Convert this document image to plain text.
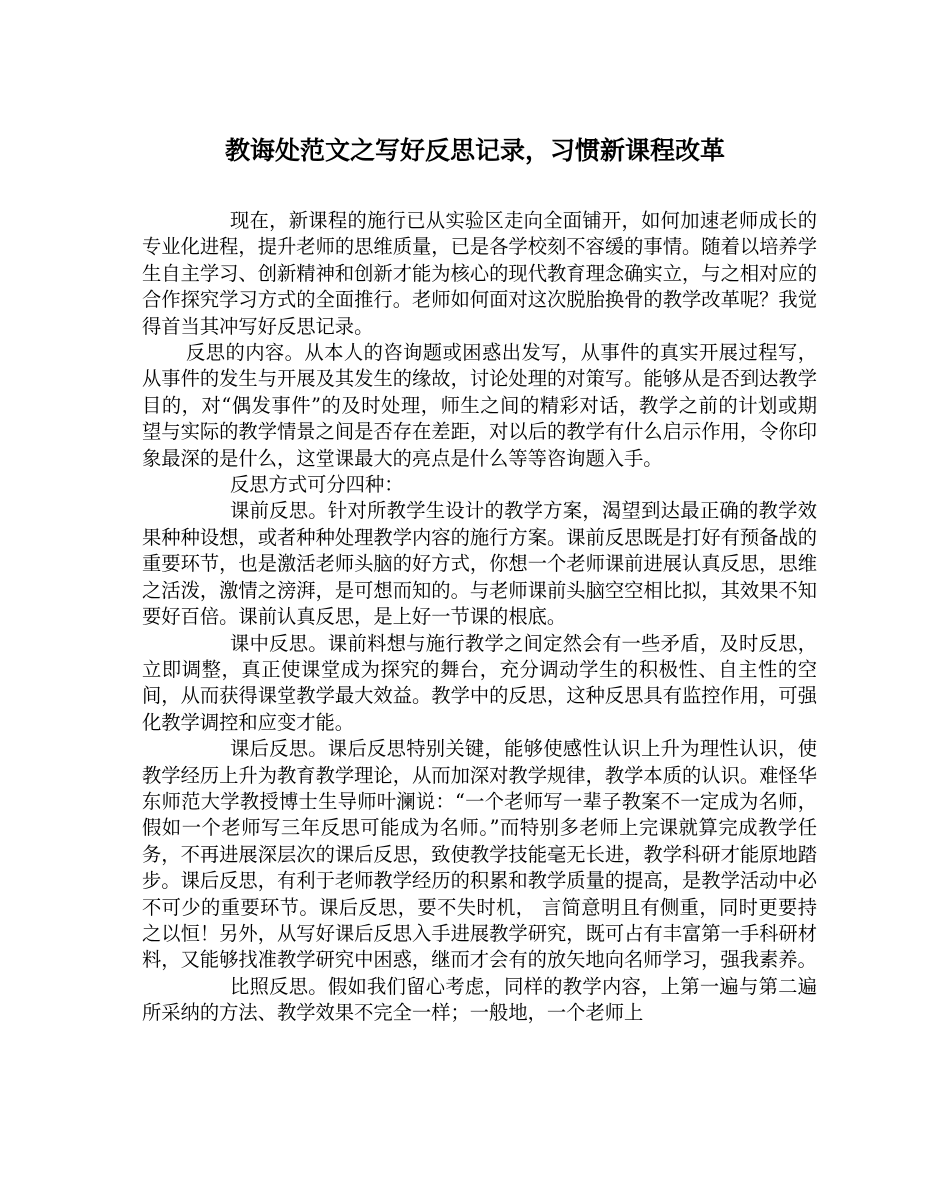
教诲处范文之写好反思记录，习惯新课程改革

现在，新课程的施行已从实验区走向全面铺开，如何加速老师成长的专业化进程，提升老师的思维质量，已是各学校刻不容缓的事情。随着以培养学生自主学习、创新精神和创新才能为核心的现代教育理念确实立，与之相对应的合作探究学习方式的全面推行。老师如何面对这次脱胎换骨的教学改革呢？我觉得首当其冲写好反思记录。

反思的内容。从本人的咨询题或困惑出发写，从事件的真实开展过程写，从事件的发生与开展及其发生的缘故，讨论处理的对策写。能够从是否到达教学目的，对“偶发事件”的及时处理，师生之间的精彩对话，教学之前的计划或期望与实际的教学情景之间是否存在差距，对以后的教学有什么启示作用，令你印象最深的是什么，这堂课最大的亮点是什么等等咨询题入手。

反思方式可分四种：

课前反思。针对所教学生设计的教学方案，渴望到达最正确的教学效果种种设想，或者种种处理教学内容的施行方案。课前反思既是打好有预备战的重要环节，也是激活老师头脑的好方式，你想一个老师课前进展认真反思，思维之活泼，激情之滂湃，是可想而知的。与老师课前头脑空空相比拟，其效果不知要好百倍。课前认真反思，是上好一节课的根底。

课中反思。课前料想与施行教学之间定然会有一些矛盾，及时反思，立即调整，真正使课堂成为探究的舞台，充分调动学生的积极性、自主性的空间，从而获得课堂教学最大效益。教学中的反思，这种反思具有监控作用，可强化教学调控和应变才能。

课后反思。课后反思特别关键，能够使感性认识上升为理性认识，使教学经历上升为教育教学理论，从而加深对教学规律，教学本质的认识。难怪华东师范大学教授博士生导师叶澜说：“一个老师写一辈子教案不一定成为名师，假如一个老师写三年反思可能成为名师。”而特别多老师上完课就算完成教学任务，不再进展深层次的课后反思，致使教学技能毫无长进，教学科研才能原地踏步。课后反思，有利于老师教学经历的积累和教学质量的提高，是教学活动中必不可少的重要环节。课后反思，要不失时机， 言简意明且有侧重，同时更要持之以恒！另外，从写好课后反思入手进展教学研究，既可占有丰富第一手科研材料，又能够找准教学研究中困惑，继而才会有的放矢地向名师学习，强我素养。

比照反思。假如我们留心考虑，同样的教学内容，上第一遍与第二遍所采纳的方法、教学效果不完全一样；一般地，一个老师上
